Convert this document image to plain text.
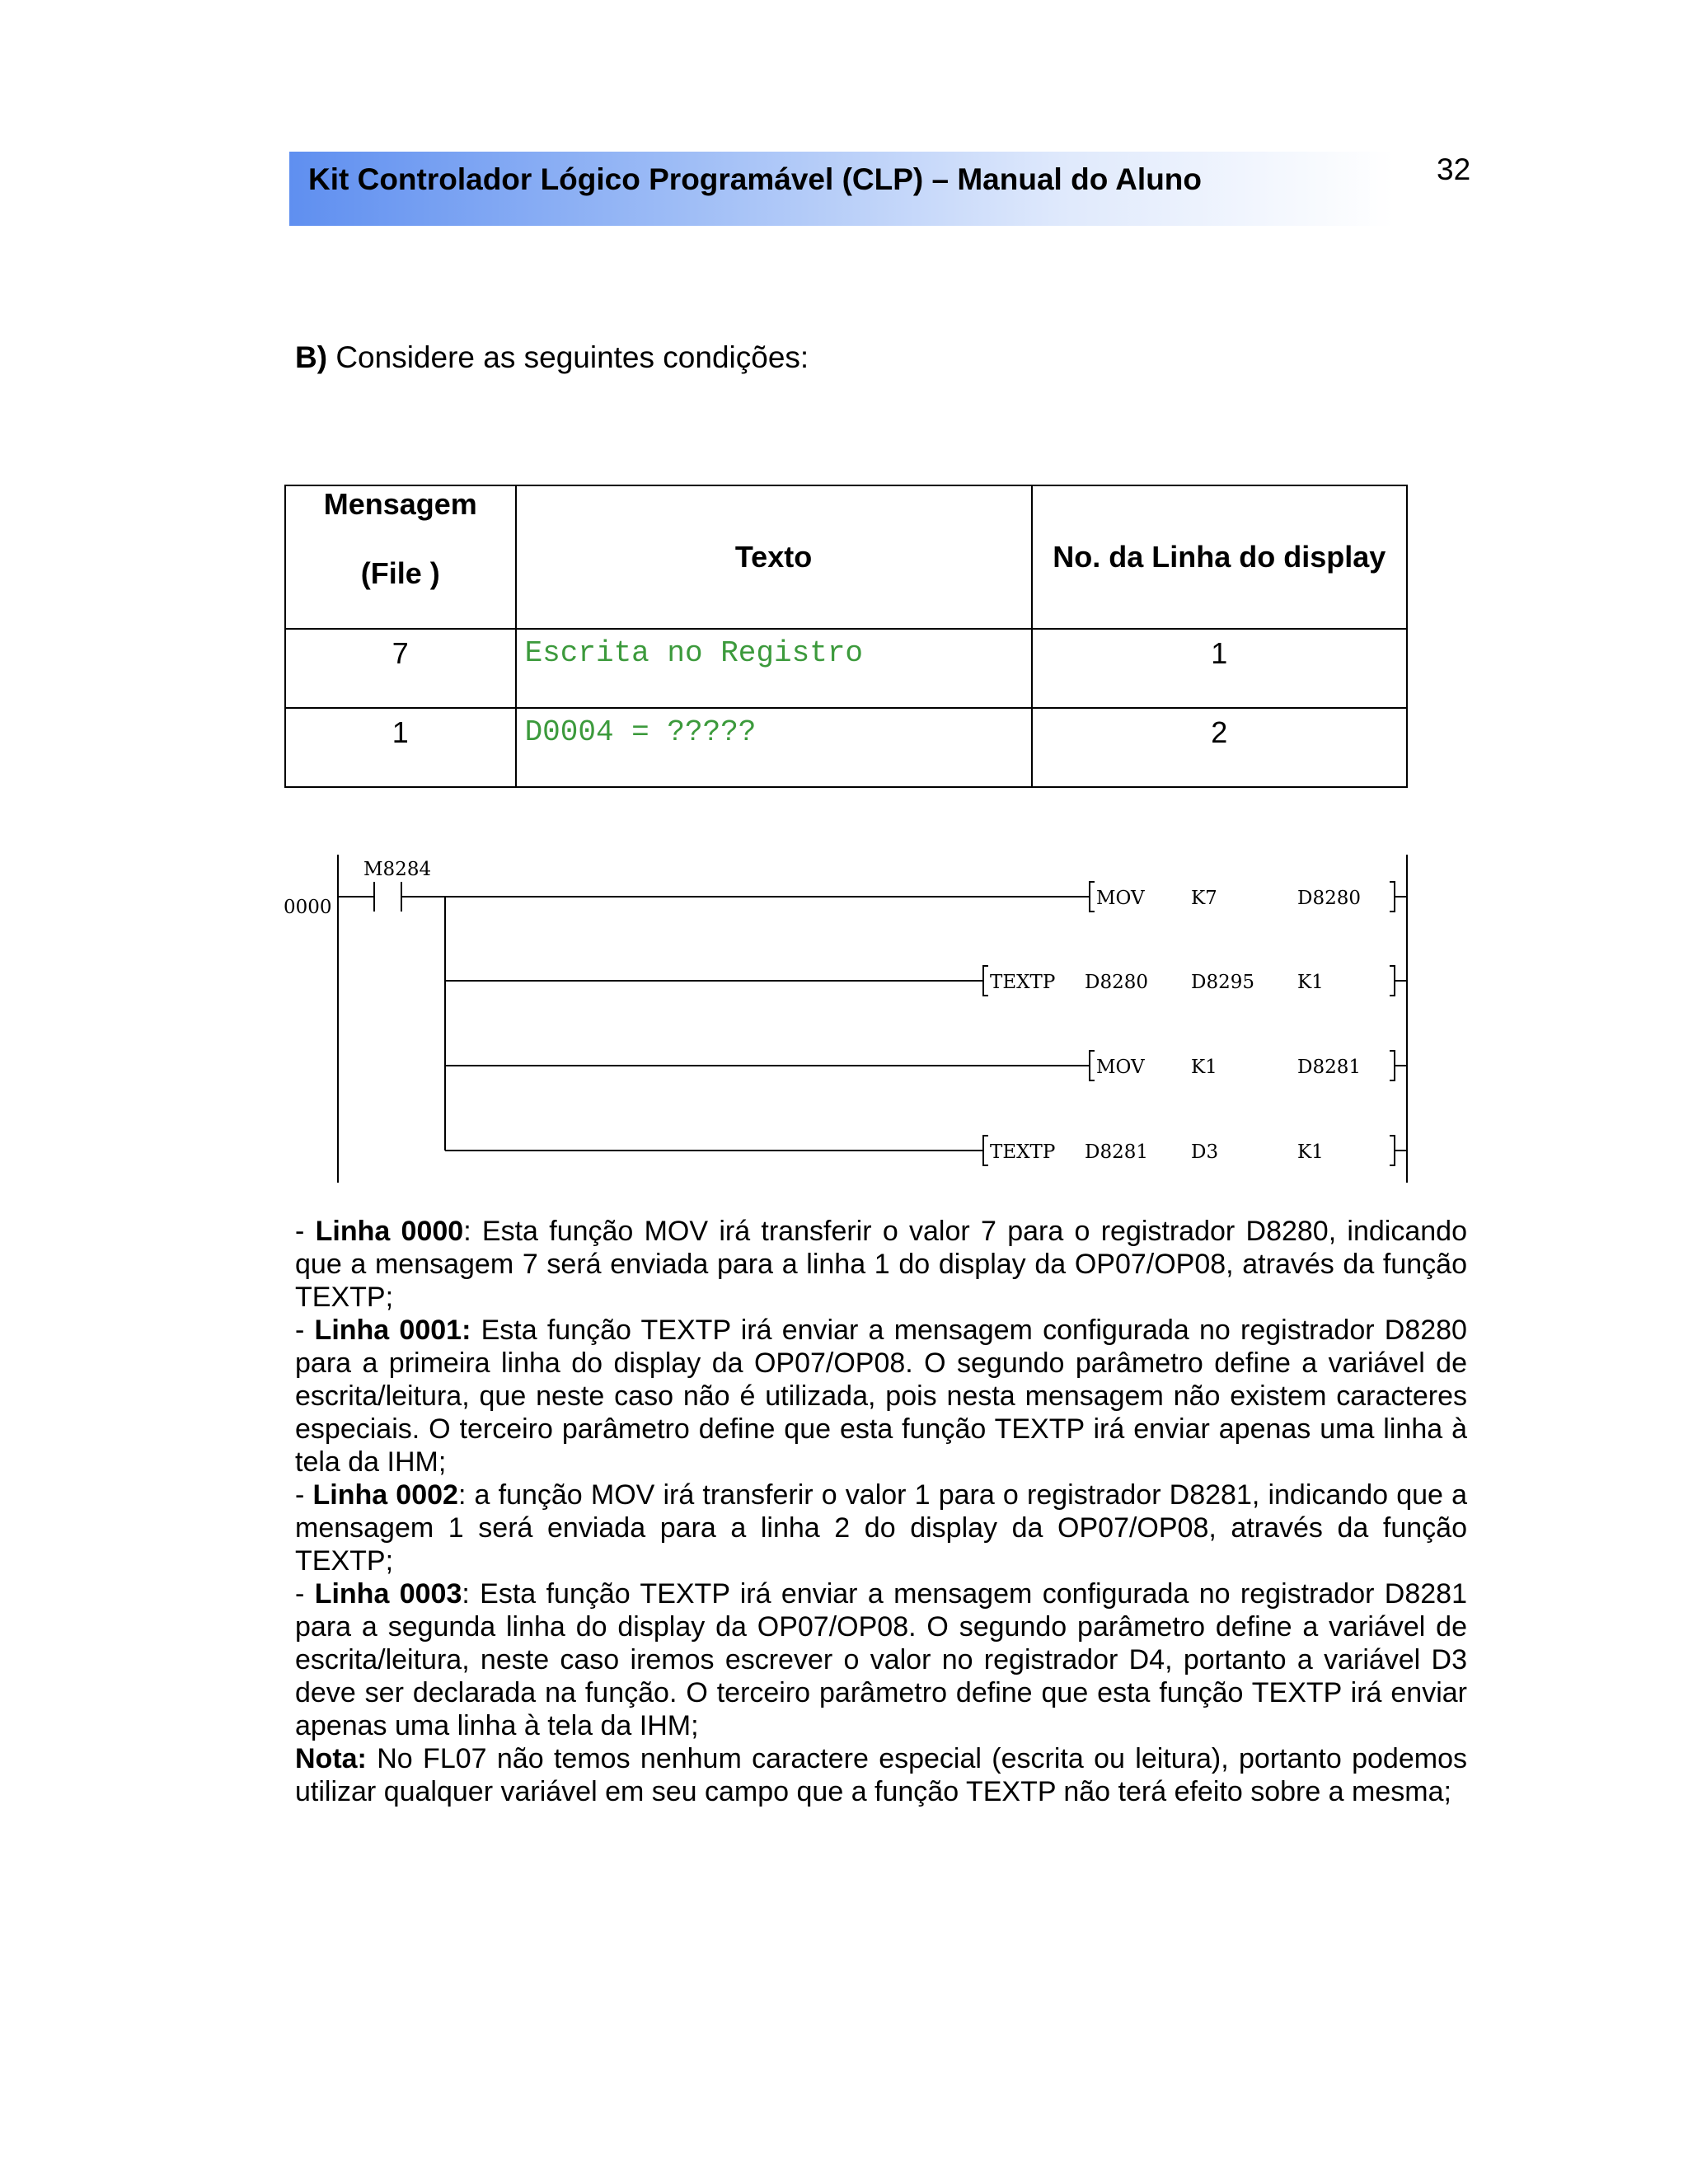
Kit Controlador Lógico Programável (CLP) – Manual do Aluno	32
B) Considere as seguintes condições:
Mensagem
(File )	Texto	No. da Linha do display
7	Escrita no Registro	1
1	D0004 = ?????	2
0000
M8284
MOV K7	D8280
TEXTP D8280 D8295 K1
MOV K1	D8281
TEXTP D8281 D3	K1

- Linha 0000: Esta função MOV irá transferir o valor 7 para o registrador D8280, indicando que a mensagem 7 será enviada para a linha 1 do display da OP07/OP08, através da função TEXTP;

- Linha 0001: Esta função TEXTP irá enviar a mensagem configurada no registrador D8280 para a primeira linha do display da OP07/OP08. O segundo parâmetro define a variável de escrita/leitura, que neste caso não é utilizada, pois nesta mensagem não existem caracteres especiais. O terceiro parâmetro define que esta função TEXTP irá enviar apenas uma linha à tela da IHM;

- Linha 0002: a função MOV irá transferir o valor 1 para o registrador D8281, indicando que a mensagem 1 será enviada para a linha 2 do display da OP07/OP08, através da função TEXTP;

- Linha 0003: Esta função TEXTP irá enviar a mensagem configurada no registrador D8281 para a segunda linha do display da OP07/OP08. O segundo parâmetro define a variável de escrita/leitura, neste caso iremos escrever o valor no registrador D4, portanto a variável D3 deve ser declarada na função. O terceiro parâmetro define que esta função TEXTP irá enviar apenas uma linha à tela da IHM;

Nota: No FL07 não temos nenhum caractere especial (escrita ou leitura), portanto podemos utilizar qualquer variável em seu campo que a função TEXTP não terá efeito sobre a mesma;
